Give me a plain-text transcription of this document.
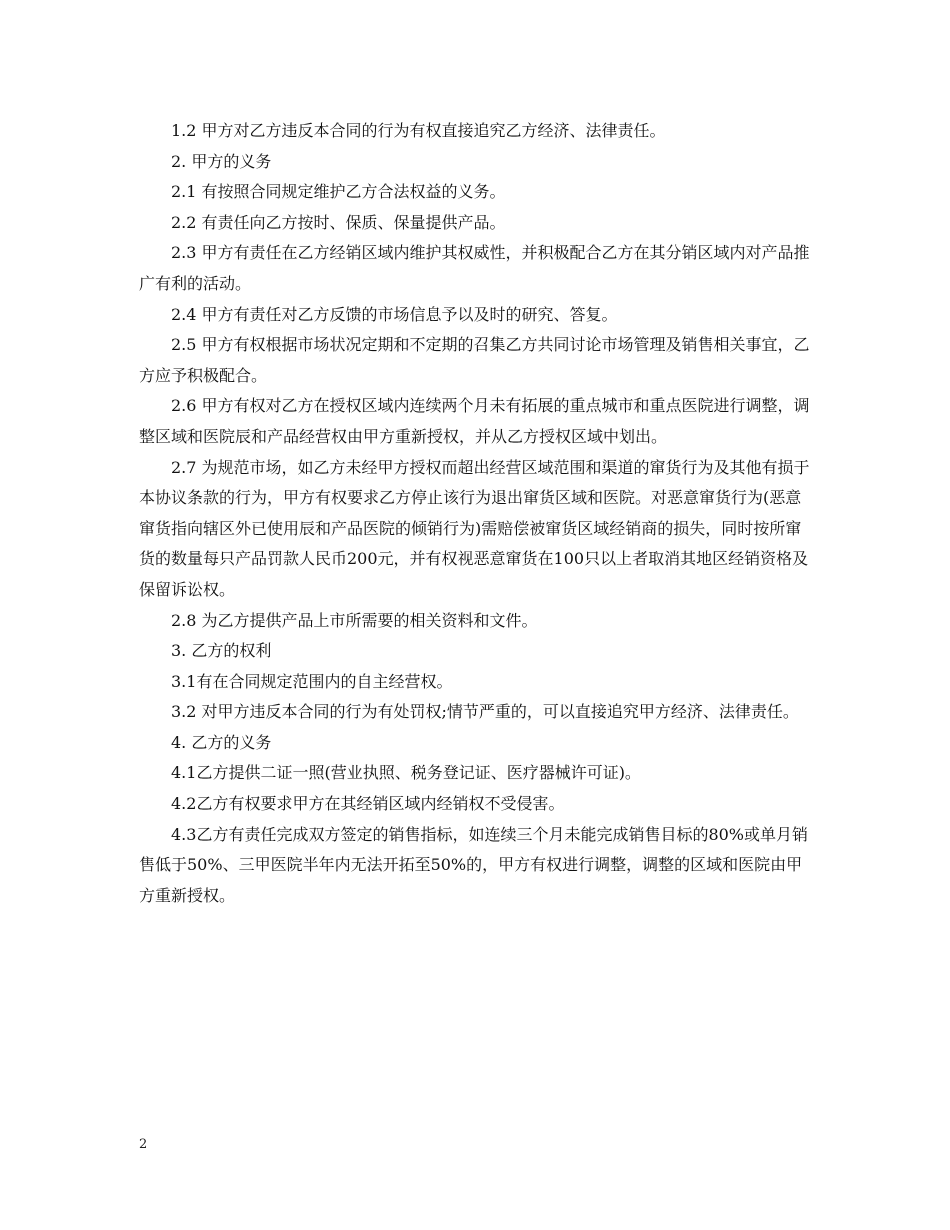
1.2 甲方对乙方违反本合同的行为有权直接追究乙方经济、法律责任。

2. 甲方的义务

2.1 有按照合同规定维护乙方合法权益的义务。

2.2 有责任向乙方按时、保质、保量提供产品。

2.3 甲方有责任在乙方经销区域内维护其权威性，并积极配合乙方在其分销区域内对产品推广有利的活动。

2.4 甲方有责任对乙方反馈的市场信息予以及时的研究、答复。

2.5 甲方有权根据市场状况定期和不定期的召集乙方共同讨论市场管理及销售相关事宜，乙方应予积极配合。

2.6 甲方有权对乙方在授权区域内连续两个月未有拓展的重点城市和重点医院进行调整，调整区域和医院辰和产品经营权由甲方重新授权，并从乙方授权区域中划出。

2.7 为规范市场，如乙方未经甲方授权而超出经营区域范围和渠道的窜货行为及其他有损于本协议条款的行为，甲方有权要求乙方停止该行为退出窜货区域和医院。对恶意窜货行为(恶意窜货指向辖区外已使用辰和产品医院的倾销行为)需赔偿被窜货区域经销商的损失，同时按所窜货的数量每只产品罚款人民币200元，并有权视恶意窜货在100只以上者取消其地区经销资格及保留诉讼权。

2.8 为乙方提供产品上市所需要的相关资料和文件。

3. 乙方的权利

3.1有在合同规定范围内的自主经营权。

3.2 对甲方违反本合同的行为有处罚权;情节严重的，可以直接追究甲方经济、法律责任。

4. 乙方的义务

4.1乙方提供二证一照(营业执照、税务登记证、医疗器械许可证)。

4.2乙方有权要求甲方在其经销区域内经销权不受侵害。

4.3乙方有责任完成双方签定的销售指标，如连续三个月未能完成销售目标的80%或单月销售低于50%、三甲医院半年内无法开拓至50%的，甲方有权进行调整，调整的区域和医院由甲方重新授权。

2
